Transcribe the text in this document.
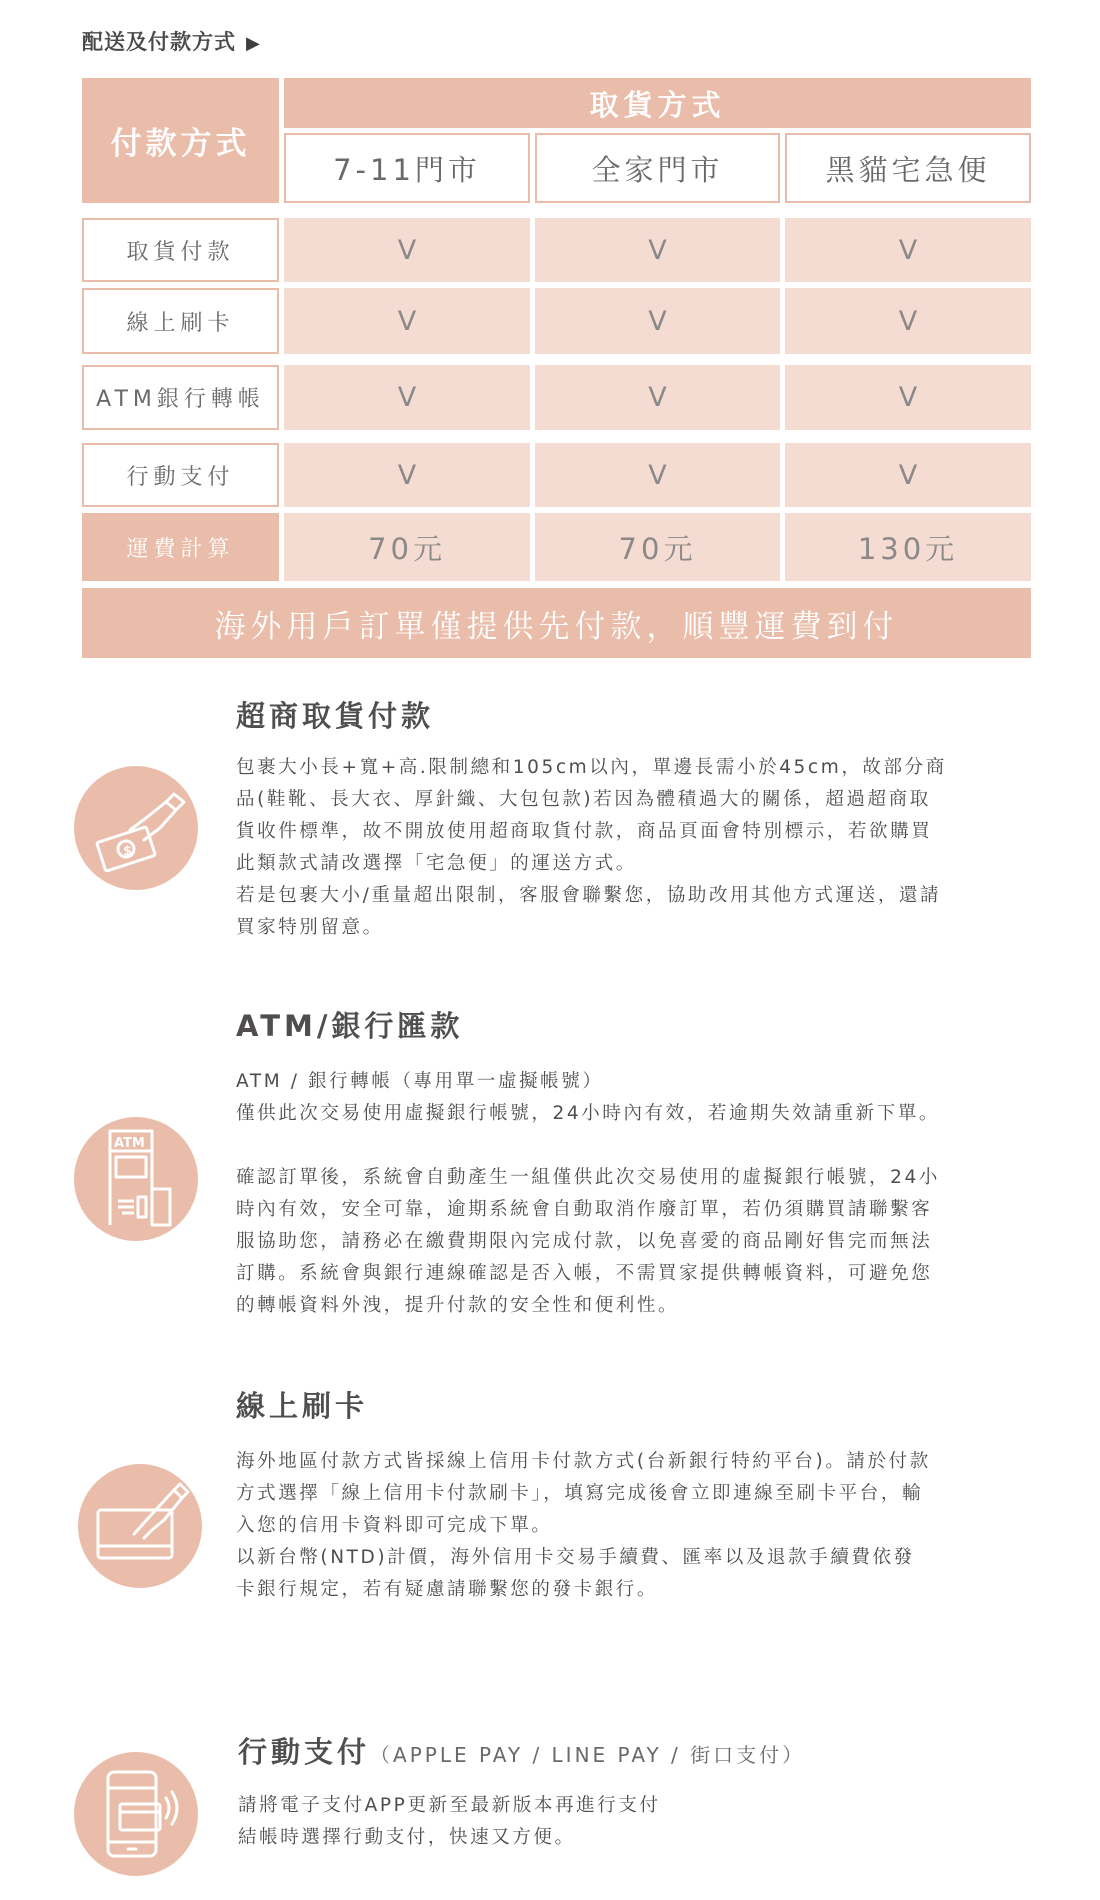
配送及付款方式 ▶
付款方式
取貨方式
7-11門市	全家門市	黑貓宅急便
取貨付款	V	V	V
線上刷卡	V	V	V
ATM銀行轉帳	V	V	V
行動支付	V	V	V
運費計算	70元	70元	130元
海外用戶訂單僅提供先付款，順豐運費到付
$
超商取貨付款
包裹大小長+寬+高.限制總和105cm以內，單邊長需小於45cm，故部分商
品(鞋靴、長大衣、厚針織、大包包款)若因為體積過大的關係，超過超商取
貨收件標準，故不開放使用超商取貨付款，商品頁面會特別標示，若欲購買
此類款式請改選擇「宅急便」的運送方式。
若是包裹大小/重量超出限制，客服會聯繫您，協助改用其他方式運送，還請
買家特別留意。
ATM
ATM/銀行匯款
ATM / 銀行轉帳（專用單一虛擬帳號）
僅供此次交易使用虛擬銀行帳號，24小時內有效，若逾期失效請重新下單。
確認訂單後，系統會自動產生一組僅供此次交易使用的虛擬銀行帳號，24小
時內有效，安全可靠，逾期系統會自動取消作廢訂單，若仍須購買請聯繫客
服協助您，請務必在繳費期限內完成付款，以免喜愛的商品剛好售完而無法
訂購。系統會與銀行連線確認是否入帳，不需買家提供轉帳資料，可避免您
的轉帳資料外洩，提升付款的安全性和便利性。
線上刷卡
海外地區付款方式皆採線上信用卡付款方式(台新銀行特約平台)。請於付款
方式選擇「線上信用卡付款刷卡」，填寫完成後會立即連線至刷卡平台，輸
入您的信用卡資料即可完成下單。
以新台幣(NTD)計價，海外信用卡交易手續費、匯率以及退款手續費依發
卡銀行規定，若有疑慮請聯繫您的發卡銀行。
行動支付（APPLE PAY / LINE PAY / 街口支付）
請將電子支付APP更新至最新版本再進行支付
結帳時選擇行動支付，快速又方便。
